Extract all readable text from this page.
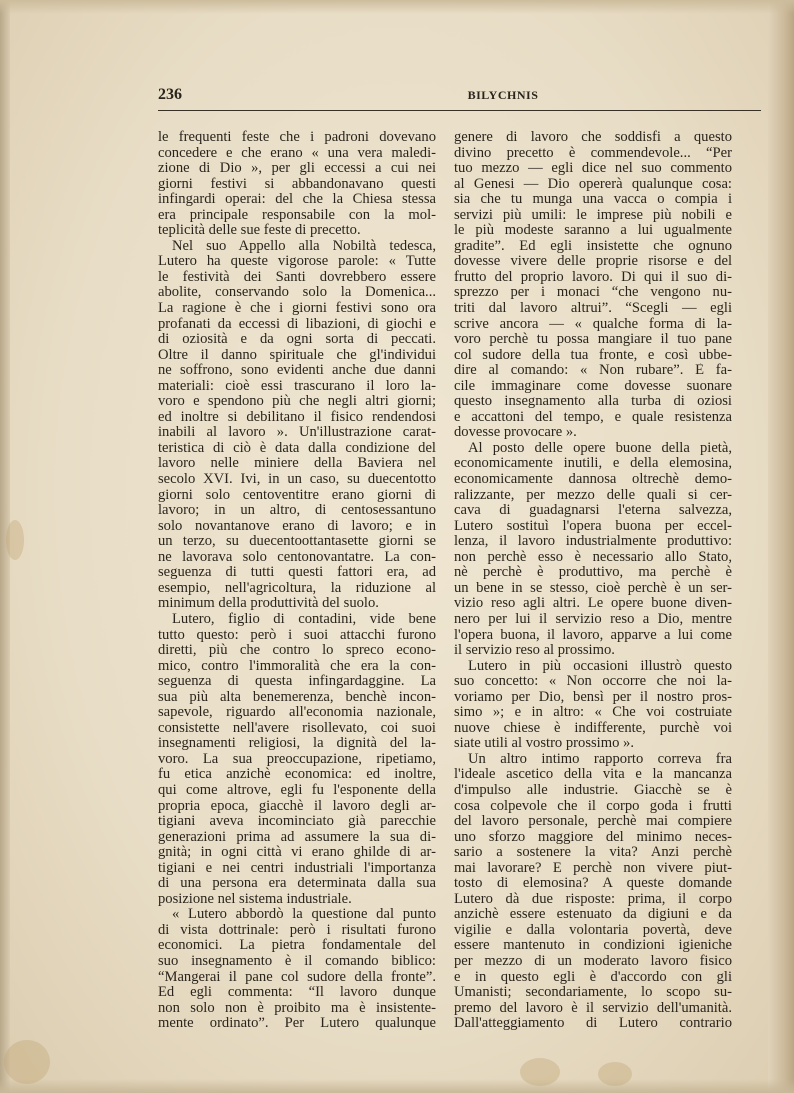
236	BILYCHNIS
le frequenti feste che i padroni dovevano
concedere e che erano « una vera maledi-
zione di Dio », per gli eccessi a cui nei
giorni festivi si abbandonavano questi
infingardi operai: del che la Chiesa stessa
era principale responsabile con la mol-
teplicità delle sue feste di precetto.
Nel suo Appello alla Nobiltà tedesca,
Lutero ha queste vigorose parole: « Tutte
le festività dei Santi dovrebbero essere
abolite, conservando solo la Domenica...
La ragione è che i giorni festivi sono ora
profanati da eccessi di libazioni, di giochi e
di oziosità e da ogni sorta di peccati.
Oltre il danno spirituale che gl'individui
ne soffrono, sono evidenti anche due danni
materiali: cioè essi trascurano il loro la-
voro e spendono più che negli altri giorni;
ed inoltre si debilitano il fisico rendendosi
inabili al lavoro ». Un'illustrazione carat-
teristica di ciò è data dalla condizione del
lavoro nelle miniere della Baviera nel
secolo XVI. Ivi, in un caso, su duecentotto
giorni solo centoventitre erano giorni di
lavoro; in un altro, di centosessantuno
solo novantanove erano di lavoro; e in
un terzo, su duecentoottantasette giorni se
ne lavorava solo centonovantatre. La con-
seguenza di tutti questi fattori era, ad
esempio, nell'agricoltura, la riduzione al
minimum della produttività del suolo.
Lutero, figlio di contadini, vide bene
tutto questo: però i suoi attacchi furono
diretti, più che contro lo spreco econo-
mico, contro l'immoralità che era la con-
seguenza di questa infingardaggine. La
sua più alta benemerenza, benchè incon-
sapevole, riguardo all'economia nazionale,
consistette nell'avere risollevato, coi suoi
insegnamenti religiosi, la dignità del la-
voro. La sua preoccupazione, ripetiamo,
fu etica anzichè economica: ed inoltre,
qui come altrove, egli fu l'esponente della
propria epoca, giacchè il lavoro degli ar-
tigiani aveva incominciato già parecchie
generazioni prima ad assumere la sua di-
gnità; in ogni città vi erano ghilde di ar-
tigiani e nei centri industriali l'importanza
di una persona era determinata dalla sua
posizione nel sistema industriale.
« Lutero abbordò la questione dal punto
di vista dottrinale: però i risultati furono
economici. La pietra fondamentale del
suo insegnamento è il comando biblico:
“Mangerai il pane col sudore della fronte”.
Ed egli commenta: “Il lavoro dunque
non solo non è proibito ma è insistente-
mente ordinato”. Per Lutero qualunque
genere di lavoro che soddisfi a questo
divino precetto è commendevole... “Per
tuo mezzo — egli dice nel suo commento
al Genesi — Dio opererà qualunque cosa:
sia che tu munga una vacca o compia i
servizi più umili: le imprese più nobili e
le più modeste saranno a lui ugualmente
gradite”. Ed egli insistette che ognuno
dovesse vivere delle proprie risorse e del
frutto del proprio lavoro. Di qui il suo di-
sprezzo per i monaci “che vengono nu-
triti dal lavoro altrui”. “Scegli — egli
scrive ancora — « qualche forma di la-
voro perchè tu possa mangiare il tuo pane
col sudore della tua fronte, e così ubbe-
dire al comando: « Non rubare”. È fa-
cile immaginare come dovesse suonare
questo insegnamento alla turba di oziosi
e accattoni del tempo, e quale resistenza
dovesse provocare ».
Al posto delle opere buone della pietà,
economicamente inutili, e della elemosina,
economicamente dannosa oltrechè demo-
ralizzante, per mezzo delle quali si cer-
cava di guadagnarsi l'eterna salvezza,
Lutero sostituì l'opera buona per eccel-
lenza, il lavoro industrialmente produttivo:
non perchè esso è necessario allo Stato,
nè perchè è produttivo, ma perchè è
un bene in se stesso, cioè perchè è un ser-
vizio reso agli altri. Le opere buone diven-
nero per lui il servizio reso a Dio, mentre
l'opera buona, il lavoro, apparve a lui come
il servizio reso al prossimo.
Lutero in più occasioni illustrò questo
suo concetto: « Non occorre che noi la-
voriamo per Dio, bensì per il nostro pros-
simo »; e in altro: « Che voi costruiate
nuove chiese è indifferente, purchè voi
siate utili al vostro prossimo ».
Un altro intimo rapporto correva fra
l'ideale ascetico della vita e la mancanza
d'impulso alle industrie. Giacchè se è
cosa colpevole che il corpo goda i frutti
del lavoro personale, perchè mai compiere
uno sforzo maggiore del minimo neces-
sario a sostenere la vita? Anzi perchè
mai lavorare? E perchè non vivere piut-
tosto di elemosina? A queste domande
Lutero dà due risposte: prima, il corpo
anzichè essere estenuato da digiuni e da
vigilie e dalla volontaria povertà, deve
essere mantenuto in condizioni igieniche
per mezzo di un moderato lavoro fisico
e in questo egli è d'accordo con gli
Umanisti; secondariamente, lo scopo su-
premo del lavoro è il servizio dell'umanità.
Dall'atteggiamento di Lutero contrario
